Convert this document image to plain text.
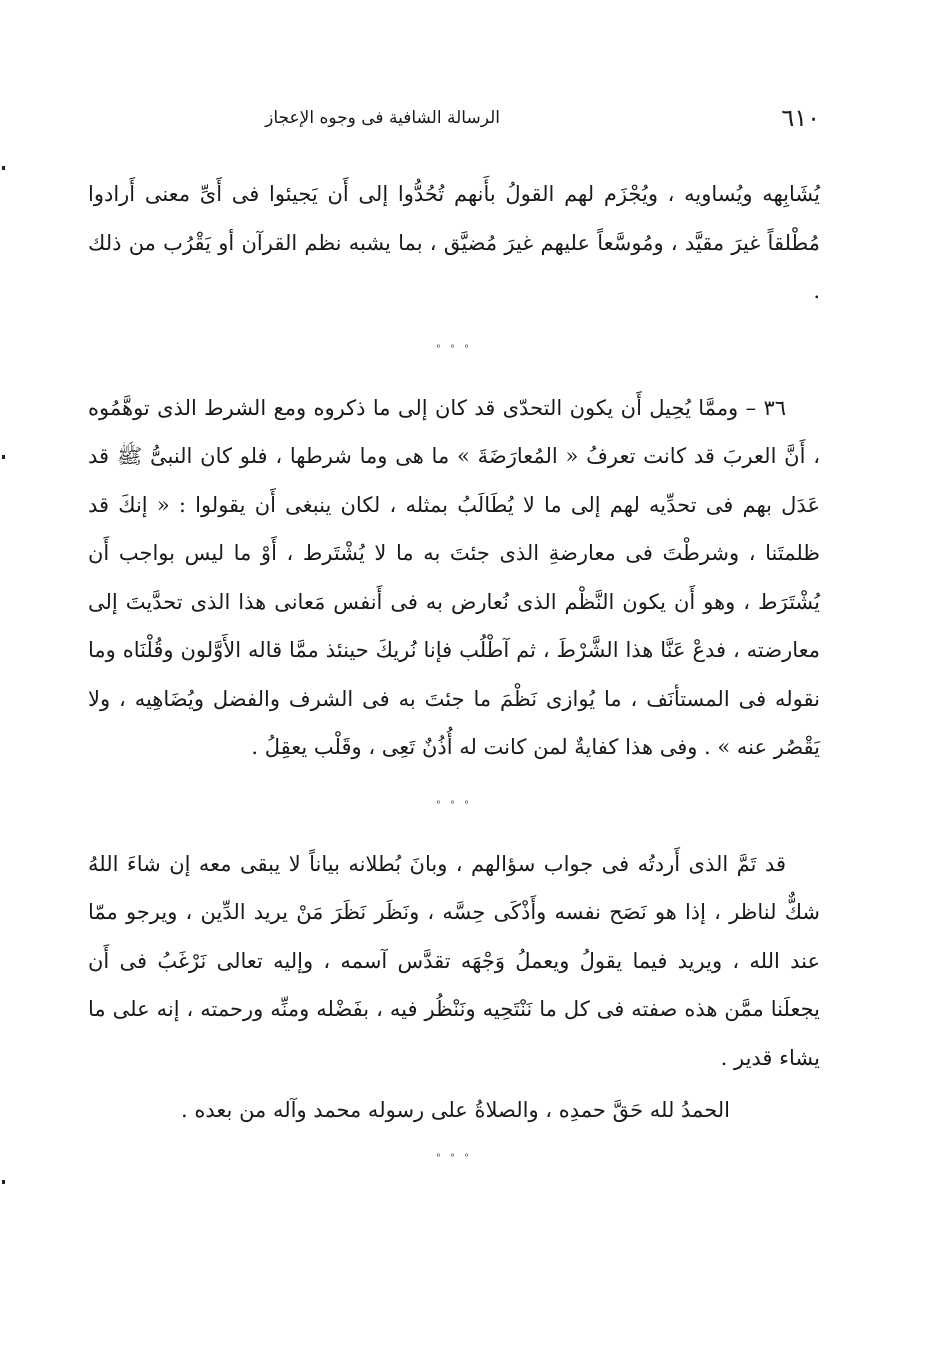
٦١٠
الرسالة الشافية فى وجوه الإعجاز

يُشَابِهه ويُساويه ، ويُجْزَم لهم القولُ بأَنهم تُحُدُّوا إلى أَن يَجيئوا فى أَىِّ معنى أَرادوا مُطْلقاً غيرَ مقيَّد ، ومُوسَّعاً عليهم غيرَ مُضيَّق ، بما يشبه نظم القرآن أو يَقْرُب من ذلك .

° ° °

٣٦ – وممَّا يُحِيل أَن يكون التحدّى قد كان إلى ما ذكروه ومع الشرط الذى توهَّمُوه ، أَنَّ العربَ قد كانت تعرفُ « المُعارَضَةَ » ما هى وما شرطها ، فلو كان النبىُّ ﷺ قد عَدَل بهم فى تحدِّيه لهم إلى ما لا يُطَالَبُ بمثله ، لكان ينبغى أَن يقولوا : « إنكَ قد ظلمتَنا ، وشرطْتَ فى معارضةِ الذى جئتَ به ما لا يُشْتَرط ، أَوْ ما ليس بواجب أَن يُشْتَرَط ، وهو أَن يكون النَّظْم الذى نُعارض به فى أَنفس مَعانى هذا الذى تحدَّيتَ إلى معارضته ، فدعْ عَنَّا هذا الشَّرْطَ ، ثم آطْلُب فإنا نُريكَ حينئذ ممَّا قاله الأَوَّلون وقُلْنَاه وما نقوله فى المستأنَف ، ما يُوازى نَظْمَ ما جئتَ به فى الشرف والفضل ويُضَاهِيه ، ولا يَقْصُر عنه » . وفى هذا كفايةٌ لمن كانت له أُذُنٌ تَعِى ، وقَلْب يعقِلُ .

° ° °

قد تَمَّ الذى أَردتُه فى جواب سؤالهم ، وبانَ بُطلانه بياناً لا يبقى معه إن شاءَ اللهُ شكٌّ لناظر ، إذا هو نَصَح نفسه وأَذْكَى حِسَّه ، ونَظَر نَظَرَ مَنْ يريد الدِّين ، ويرجو ممّا عند الله ، ويريد فيما يقولُ ويعملُ وَجْهَه تقدَّس آسمه ، وإليه تعالى نَرْغَبُ فى أَن يجعلَنا ممَّن هذه صفته فى كل ما نَنْتَحِيه ونَنْظُر فيه ، بفَضْله ومنِّه ورحمته ، إنه على ما يشاء قدير .

الحمدُ لله حَقَّ حمدِه ، والصلاةُ على رسوله محمد وآله من بعده .

° ° °
